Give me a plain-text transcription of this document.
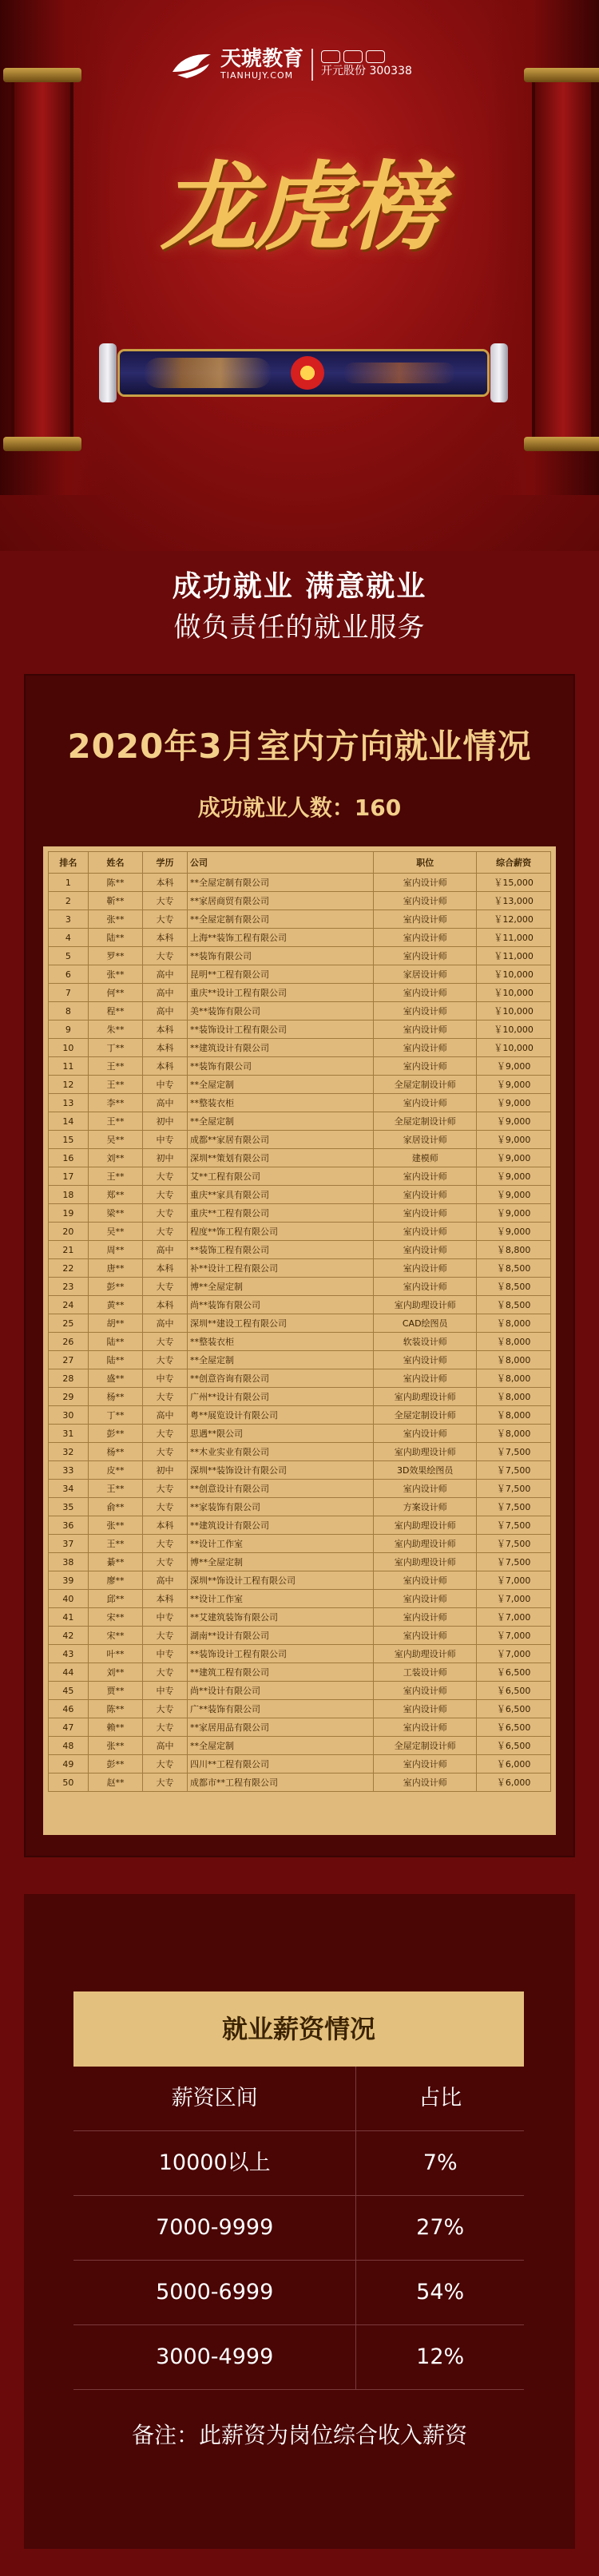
天琥教育
TIANHUJY.COM	开元股份 300338
龙虎榜
成功就业 满意就业
做负责任的就业服务
2020年3月室内方向就业情况
成功就业人数：160
排名	姓名	学历	公司	职位	综合薪资
1	陈**	本科	**全屋定制有限公司	室内设计师	￥15,000
2	靳**	大专	**家居商贸有限公司	室内设计师	￥13,000
3	张**	大专	**全屋定制有限公司	室内设计师	￥12,000
4	陆**	本科	上海**装饰工程有限公司	室内设计师	￥11,000
5	罗**	大专	**装饰有限公司	室内设计师	￥11,000
6	张**	高中	昆明**工程有限公司	家居设计师	￥10,000
7	何**	高中	重庆**设计工程有限公司	室内设计师	￥10,000
8	程**	高中	美**装饰有限公司	室内设计师	￥10,000
9	朱**	本科	**装饰设计工程有限公司	室内设计师	￥10,000
10	丁**	本科	**建筑设计有限公司	室内设计师	￥10,000
11	王**	本科	**装饰有限公司	室内设计师	￥9,000
12	王**	中专	**全屋定制	全屋定制设计师	￥9,000
13	李**	高中	**整装衣柜	室内设计师	￥9,000
14	王**	初中	**全屋定制	全屋定制设计师	￥9,000
15	吴**	中专	成都**家居有限公司	家居设计师	￥9,000
16	刘**	初中	深圳**策划有限公司	建模师	￥9,000
17	王**	大专	艾**工程有限公司	室内设计师	￥9,000
18	郑**	大专	重庆**家具有限公司	室内设计师	￥9,000
19	梁**	大专	重庆**工程有限公司	室内设计师	￥9,000
20	吴**	大专	程度**饰工程有限公司	室内设计师	￥9,000
21	周**	高中	**装饰工程有限公司	室内设计师	￥8,800
22	唐**	本科	补**设计工程有限公司	室内设计师	￥8,500
23	彭**	大专	博**全屋定制	室内设计师	￥8,500
24	黄**	本科	尚**装饰有限公司	室内助理设计师	￥8,500
25	胡**	高中	深圳**建设工程有限公司	CAD绘图员	￥8,000
26	陆**	大专	**整装衣柜	软装设计师	￥8,000
27	陆**	大专	**全屋定制	室内设计师	￥8,000
28	盛**	中专	**创意咨询有限公司	室内设计师	￥8,000
29	杨**	大专	广州**设计有限公司	室内助理设计师	￥8,000
30	丁**	高中	粤**展览设计有限公司	全屋定制设计师	￥8,000
31	彭**	大专	思遇**限公司	室内设计师	￥8,000
32	杨**	大专	**木业实业有限公司	室内助理设计师	￥7,500
33	皮**	初中	深圳**装饰设计有限公司	3D效果绘图员	￥7,500
34	王**	大专	**创意设计有限公司	室内设计师	￥7,500
35	俞**	大专	**家装饰有限公司	方案设计师	￥7,500
36	张**	本科	**建筑设计有限公司	室内助理设计师	￥7,500
37	王**	大专	**设计工作室	室内助理设计师	￥7,500
38	綦**	大专	博**全屋定制	室内助理设计师	￥7,500
39	廖**	高中	深圳**饰设计工程有限公司	室内设计师	￥7,000
40	邱**	本科	**设计工作室	室内设计师	￥7,000
41	宋**	中专	**艾建筑装饰有限公司	室内设计师	￥7,000
42	宋**	大专	湖南**设计有限公司	室内设计师	￥7,000
43	叶**	中专	**装饰设计工程有限公司	室内助理设计师	￥7,000
44	刘**	大专	**建筑工程有限公司	工装设计师	￥6,500
45	贾**	中专	尚**设计有限公司	室内设计师	￥6,500
46	陈**	大专	广**装饰有限公司	室内设计师	￥6,500
47	赖**	大专	**家居用品有限公司	室内设计师	￥6,500
48	张**	高中	**全屋定制	全屋定制设计师	￥6,500
49	彭**	大专	四川**工程有限公司	室内设计师	￥6,000
50	赵**	大专	成都市**工程有限公司	室内设计师	￥6,000
就业薪资情况
薪资区间	占比
10000以上	7%
7000-9999	27%
5000-6999	54%
3000-4999	12%
备注：此薪资为岗位综合收入薪资
